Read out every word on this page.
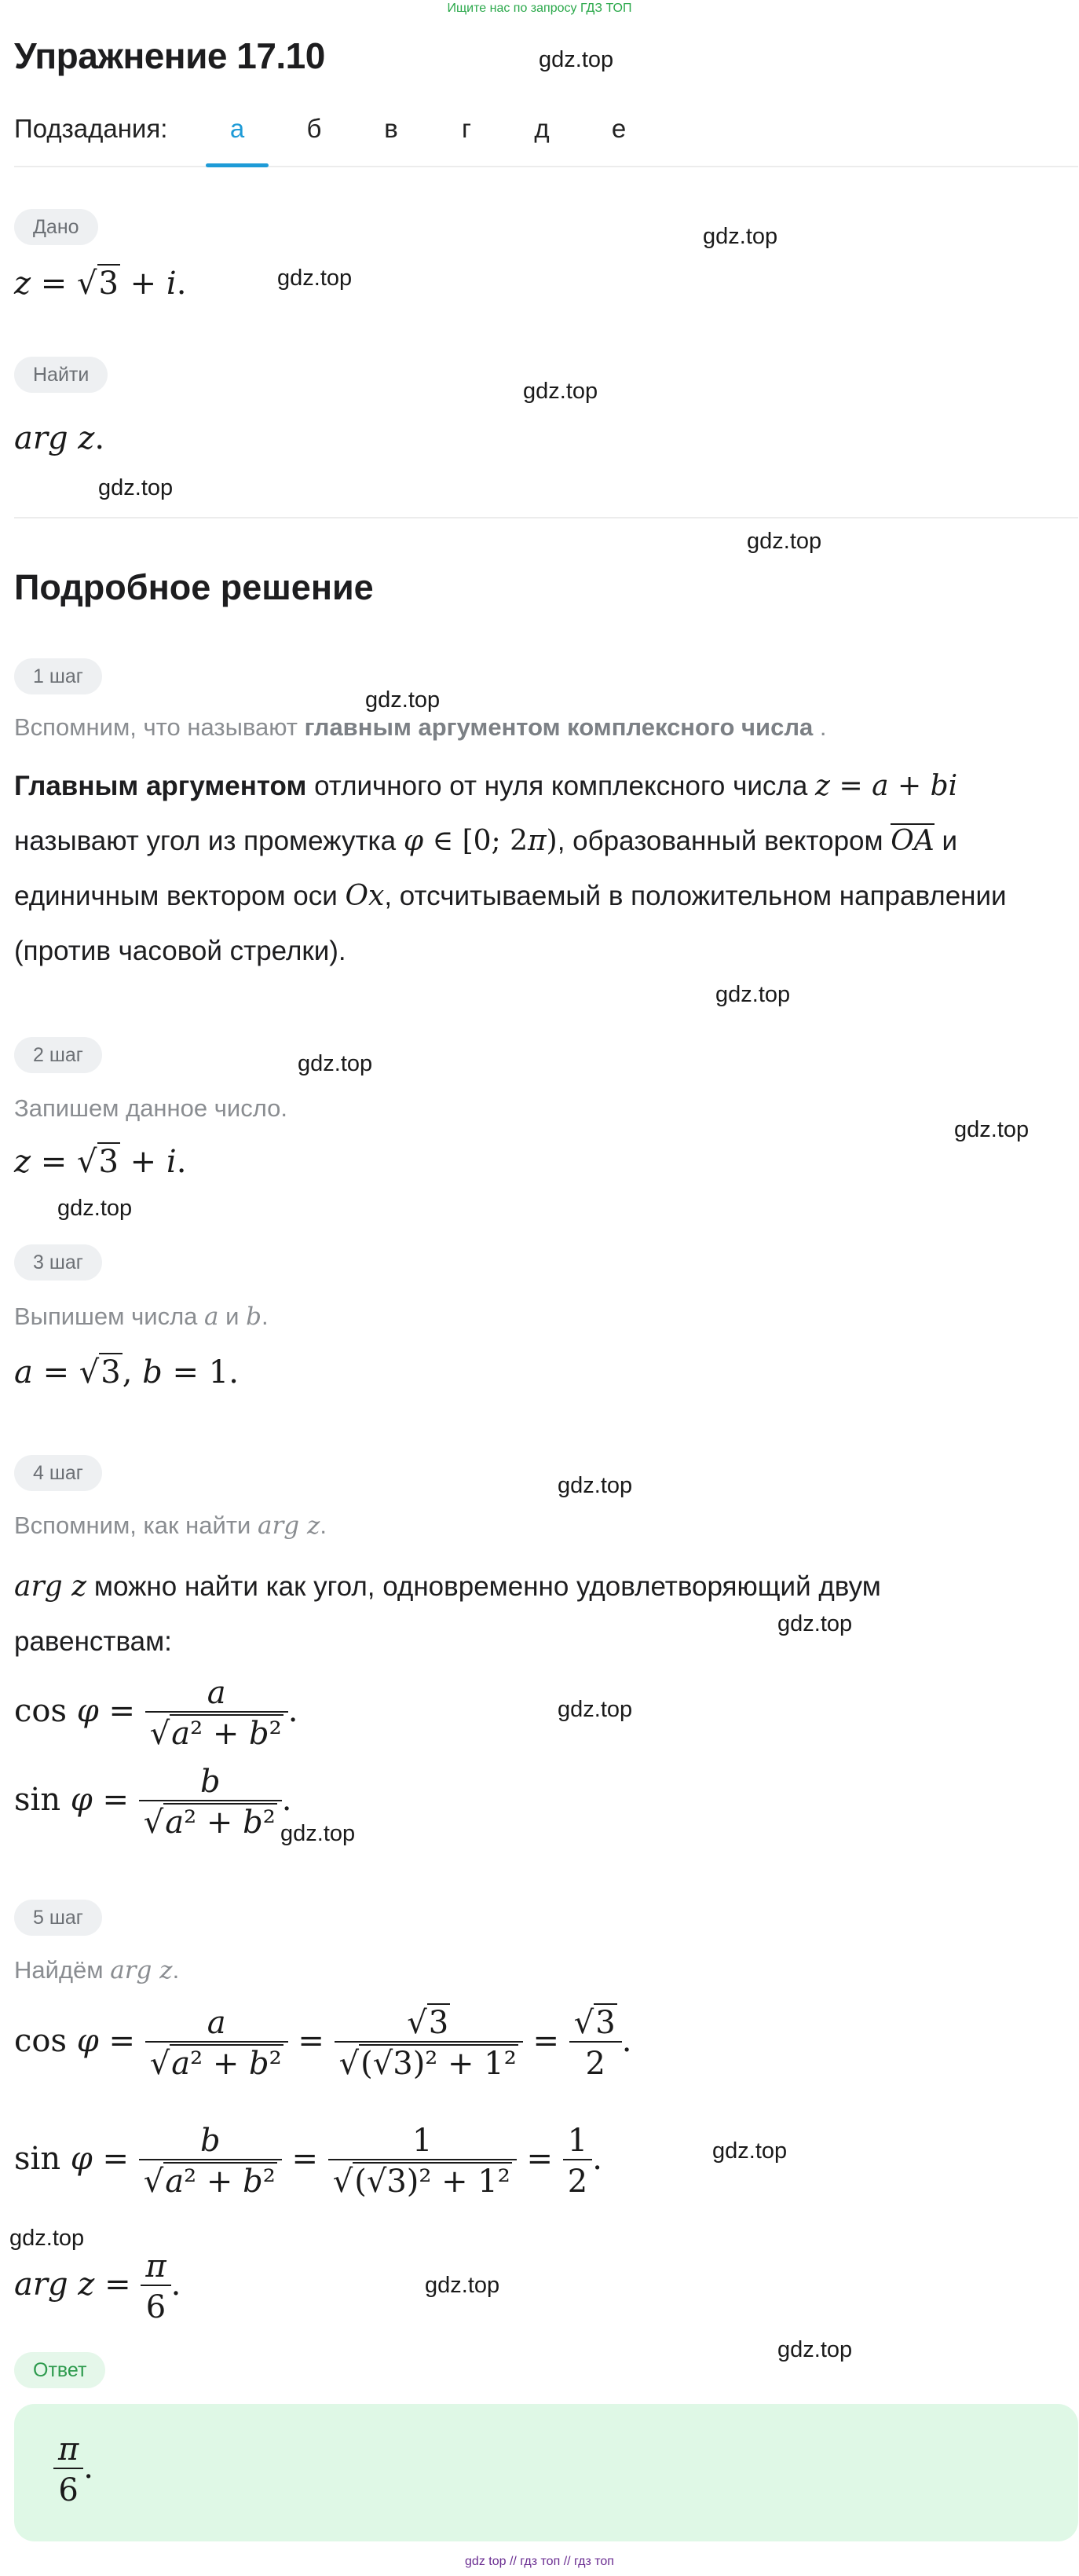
Ищите нас по запросу ГДЗ ТОП
gdz top // гдз топ // гдз топ
gdz.top
gdz.top
gdz.top
gdz.top
gdz.top
gdz.top
gdz.top
gdz.top
gdz.top
gdz.top
gdz.top
gdz.top
gdz.top
gdz.top
gdz.top
gdz.top
gdz.top
gdz.top
gdz.top
Упражнение 17.10
Подзадания:	а	б	в	г	д	е
Дано
z = √3 + i.
Найти
arg z.
Подробное решение
1 шаг
Вспомним, что называют главным аргументом комплексного числа .
Главным аргументом отличного от нуля комплексного числа z = a + bi
называют угол из промежутка φ ∈ [0; 2π), образованный вектором OA и
единичным вектором оси Ox, отсчитываемый в положительном направлении
(против часовой стрелки).
2 шаг
Запишем данное число.
z = √3 + i.
3 шаг
Выпишем числа a и b.
a = √3, b = 1.
4 шаг
Вспомним, как найти arg z.
arg z можно найти как угол, одновременно удовлетворяющий двум
равенствам:
$\cos \varphi = \frac{a}{\text{√a² + b²}}$ .
$\sin \varphi = \frac{b}{\text{√a² + b²}}$ .
5 шаг
Найдём arg z.
$\cos \varphi = \frac{a}{\text{√a² + b²}} = \frac{√3}{\text{√(√3)² + 1²}} = \frac{√3}{2}$ .
$\sin \varphi = \frac{b}{\text{√a² + b²}} = \frac{1}{\text{√(√3)² + 1²}} = \frac{1}{2}$ .
arg $z = \frac{\pi}{6}$ .
Ответ
$\frac{\pi}{6}$ .
